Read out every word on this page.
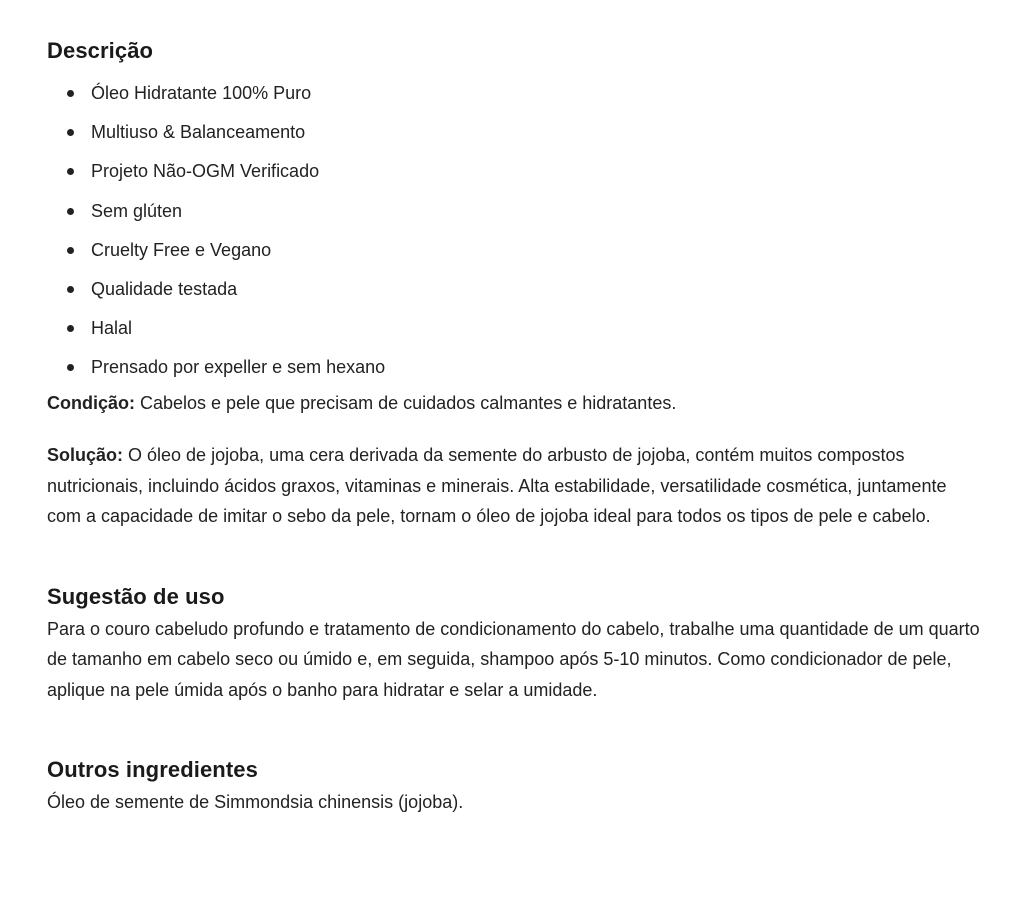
Descrição
Óleo Hidratante 100% Puro
Multiuso & Balanceamento
Projeto Não-OGM Verificado
Sem glúten
Cruelty Free e Vegano
Qualidade testada
Halal
Prensado por expeller e sem hexano

Condição: Cabelos e pele que precisam de cuidados calmantes e hidratantes.

Solução: O óleo de jojoba, uma cera derivada da semente do arbusto de jojoba, contém muitos compostos nutricionais, incluindo ácidos graxos, vitaminas e minerais. Alta estabilidade, versatilidade cosmética, juntamente com a capacidade de imitar o sebo da pele, tornam o óleo de jojoba ideal para todos os tipos de pele e cabelo.

Sugestão de uso

Para o couro cabeludo profundo e tratamento de condicionamento do cabelo, trabalhe uma quantidade de um quarto de tamanho em cabelo seco ou úmido e, em seguida, shampoo após 5-10 minutos. Como condicionador de pele, aplique na pele úmida após o banho para hidratar e selar a umidade.

Outros ingredientes

Óleo de semente de Simmondsia chinensis (jojoba).
